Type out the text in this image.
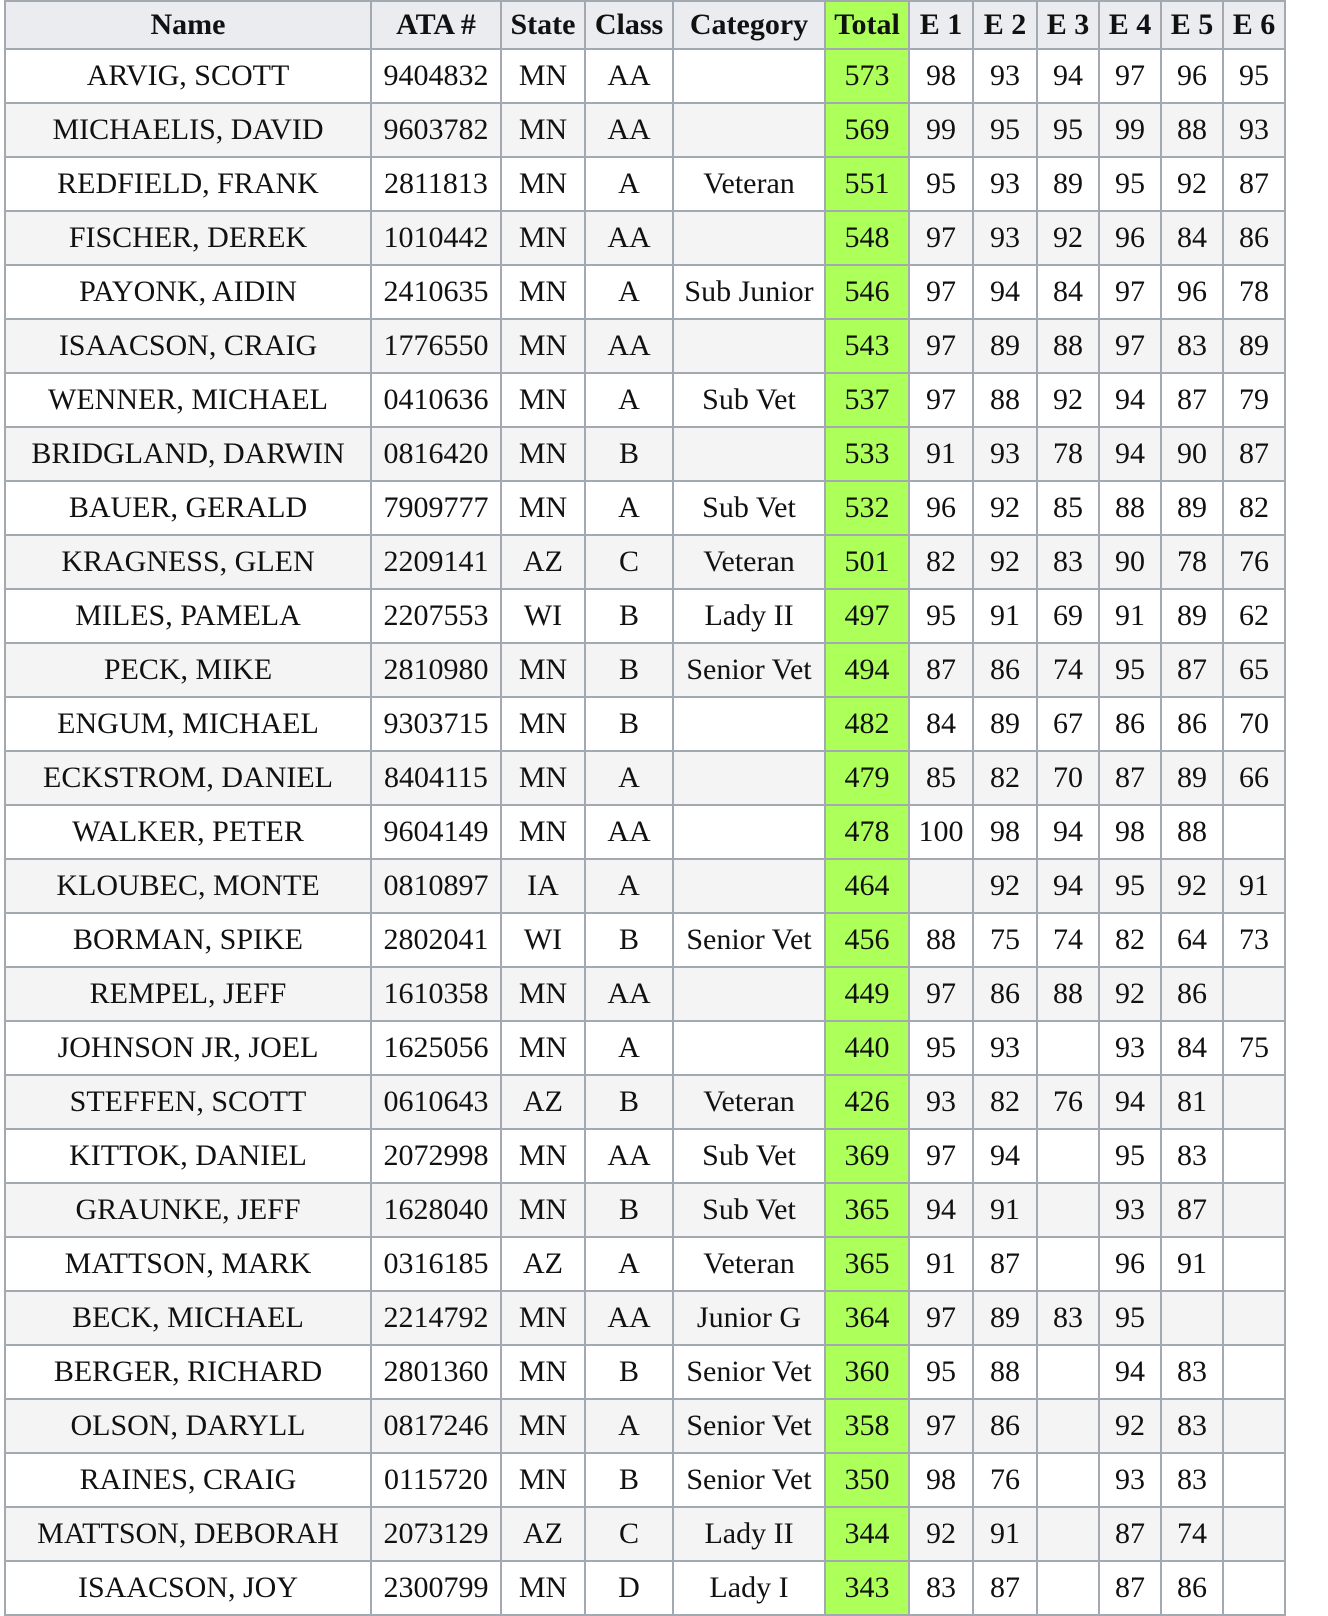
Name	ATA #	State	Class	Category	Total	E 1	E 2	E 3	E 4	E 5	E 6
ARVIG, SCOTT	9404832	MN	AA		573	98	93	94	97	96	95
MICHAELIS, DAVID	9603782	MN	AA		569	99	95	95	99	88	93
REDFIELD, FRANK	2811813	MN	A	Veteran	551	95	93	89	95	92	87
FISCHER, DEREK	1010442	MN	AA		548	97	93	92	96	84	86
PAYONK, AIDIN	2410635	MN	A	Sub Junior	546	97	94	84	97	96	78
ISAACSON, CRAIG	1776550	MN	AA		543	97	89	88	97	83	89
WENNER, MICHAEL	0410636	MN	A	Sub Vet	537	97	88	92	94	87	79
BRIDGLAND, DARWIN	0816420	MN	B		533	91	93	78	94	90	87
BAUER, GERALD	7909777	MN	A	Sub Vet	532	96	92	85	88	89	82
KRAGNESS, GLEN	2209141	AZ	C	Veteran	501	82	92	83	90	78	76
MILES, PAMELA	2207553	WI	B	Lady II	497	95	91	69	91	89	62
PECK, MIKE	2810980	MN	B	Senior Vet	494	87	86	74	95	87	65
ENGUM, MICHAEL	9303715	MN	B		482	84	89	67	86	86	70
ECKSTROM, DANIEL	8404115	MN	A		479	85	82	70	87	89	66
WALKER, PETER	9604149	MN	AA		478	100	98	94	98	88	
KLOUBEC, MONTE	0810897	IA	A		464		92	94	95	92	91
BORMAN, SPIKE	2802041	WI	B	Senior Vet	456	88	75	74	82	64	73
REMPEL, JEFF	1610358	MN	AA		449	97	86	88	92	86	
JOHNSON JR, JOEL	1625056	MN	A		440	95	93		93	84	75
STEFFEN, SCOTT	0610643	AZ	B	Veteran	426	93	82	76	94	81	
KITTOK, DANIEL	2072998	MN	AA	Sub Vet	369	97	94		95	83	
GRAUNKE, JEFF	1628040	MN	B	Sub Vet	365	94	91		93	87	
MATTSON, MARK	0316185	AZ	A	Veteran	365	91	87		96	91	
BECK, MICHAEL	2214792	MN	AA	Junior G	364	97	89	83	95		
BERGER, RICHARD	2801360	MN	B	Senior Vet	360	95	88		94	83	
OLSON, DARYLL	0817246	MN	A	Senior Vet	358	97	86		92	83	
RAINES, CRAIG	0115720	MN	B	Senior Vet	350	98	76		93	83	
MATTSON, DEBORAH	2073129	AZ	C	Lady II	344	92	91		87	74	
ISAACSON, JOY	2300799	MN	D	Lady I	343	83	87		87	86	
